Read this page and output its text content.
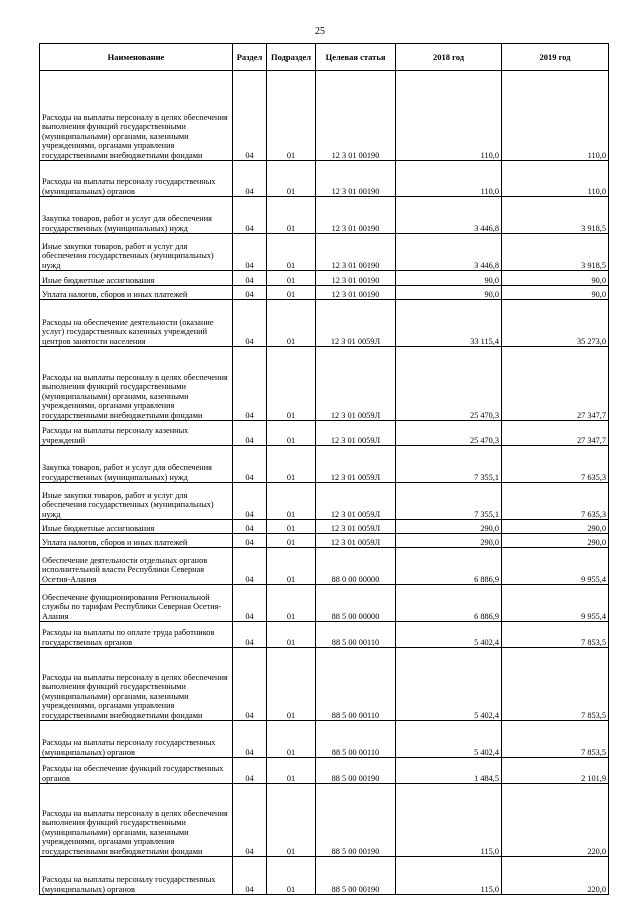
25
Наименование	Раздел	Подраздел	Целевая статья	2018 год	2019 год
Расходы на выплаты персоналу в целях обеспечения выполнения функций государственными (муниципальными) органами, казенными учреждениями, органами управления государственными внебюджетными фондами	04	01	12 3 01 00190	110,0	110,0
Расходы на выплаты персоналу государственных (муниципальных) органов	04	01	12 3 01 00190	110,0	110,0
Закупка товаров, работ и услуг для обеспечения государственных (муниципальных) нужд	04	01	12 3 01 00190	3 446,8	3 918,5
Иные закупки товаров, работ и услуг для обеспечения государственных (муниципальных) нужд	04	01	12 3 01 00190	3 446,8	3 918,5
Иные бюджетные ассигнования	04	01	12 3 01 00190	90,0	90,0
Уплата налогов, сборов и иных платежей	04	01	12 3 01 00190	90,0	90,0
Расходы на обеспечение деятельности (оказание услуг) государственных казенных учреждений центров занятости населения	04	01	12 3 01 0059Л	33 115,4	35 273,0
Расходы на выплаты персоналу в целях обеспечения выполнения функций государственными (муниципальными) органами, казенными учреждениями, органами управления государственными внебюджетными фондами	04	01	12 3 01 0059Л	25 470,3	27 347,7
Расходы на выплаты персоналу казенных учреждений	04	01	12 3 01 0059Л	25 470,3	27 347,7
Закупка товаров, работ и услуг для обеспечения государственных (муниципальных) нужд	04	01	12 3 01 0059Л	7 355,1	7 635,3
Иные закупки товаров, работ и услуг для обеспечения государственных (муниципальных) нужд	04	01	12 3 01 0059Л	7 355,1	7 635,3
Иные бюджетные ассигнования	04	01	12 3 01 0059Л	290,0	290,0
Уплата налогов, сборов и иных платежей	04	01	12 3 01 0059Л	290,0	290,0
Обеспечение деятельности отдельных органов исполнительной власти Республики Северная Осетия-Алания	04	01	88 0 00 00000	6 886,9	9 955,4
Обеспечение функционирования Региональной службы по тарифам Республики Северная Осетия-Алания	04	01	88 5 00 00000	6 886,9	9 955,4
Расходы на выплаты по оплате труда работников государственных органов	04	01	88 5 00 00110	5 402,4	7 853,5
Расходы на выплаты персоналу в целях обеспечения выполнения функций государственными (муниципальными) органами, казенными учреждениями, органами управления государственными внебюджетными фондами	04	01	88 5 00 00110	5 402,4	7 853,5
Расходы на выплаты персоналу государственных (муниципальных) органов	04	01	88 5 00 00110	5 402,4	7 853,5
Расходы на обеспечение функций государственных органов	04	01	88 5 00 00190	1 484,5	2 101,9
Расходы на выплаты персоналу в целях обеспечения выполнения функций государственными (муниципальными) органами, казенными учреждениями, органами управления государственными внебюджетными фондами	04	01	88 5 00 00190	115,0	220,0
Расходы на выплаты персоналу государственных (муниципальных) органов	04	01	88 5 00 00190	115,0	220,0
